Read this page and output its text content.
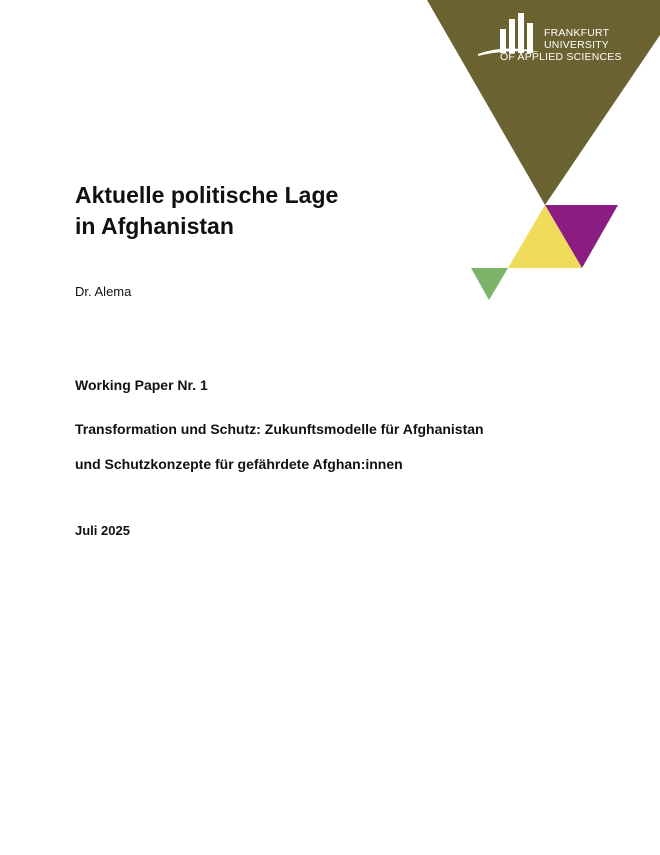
FRANKFURT
UNIVERSITY
OF APPLIED SCIENCES
Aktuelle politische Lage
in Afghanistan
Dr. Alema
Working Paper Nr. 1
Transformation und Schutz: Zukunftsmodelle für Afghanistan
und Schutzkonzepte für gefährdete Afghan:innen
Juli 2025
